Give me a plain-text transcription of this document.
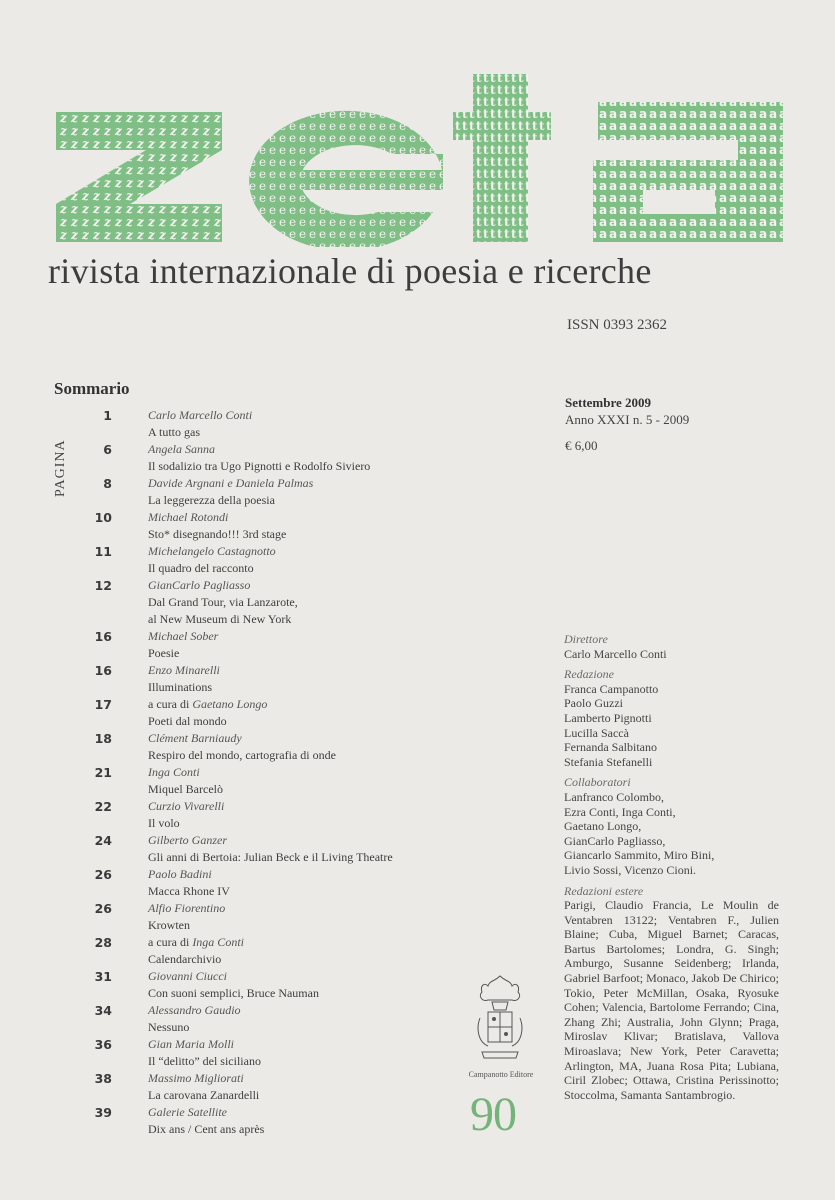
rivista internazionale di poesia e ricerche
ISSN 0393 2362
Sommario
PAGINA
1	Carlo Marcello Conti
A tutto gas
6	Angela Sanna
Il sodalizio tra Ugo Pignotti e Rodolfo Siviero
8	Davide Argnani e Daniela Palmas
La leggerezza della poesia
10	Michael Rotondi
Sto* disegnando!!! 3rd stage
11	Michelangelo Castagnotto
Il quadro del racconto
12	GianCarlo Pagliasso
Dal Grand Tour, via Lanzarote,
al New Museum di New York
16	Michael Sober
Poesie
16	Enzo Minarelli
Illuminations
17	a cura di Gaetano Longo
Poeti dal mondo
18	Clément Barniaudy
Respiro del mondo, cartografia di onde
21	Inga Conti
Miquel Barcelò
22	Curzio Vivarelli
Il volo
24	Gilberto Ganzer
Gli anni di Bertoia: Julian Beck e il Living Theatre
26	Paolo Badini
Macca Rhone IV
26	Alfio Fiorentino
Krowten
28	a cura di Inga Conti
Calendarchivio
31	Giovanni Ciucci
Con suoni semplici, Bruce Nauman
34	Alessandro Gaudio
Nessuno
36	Gian Maria Molli
Il “delitto” del siciliano
38	Massimo Migliorati
La carovana Zanardelli
39	Galerie Satellite
Dix ans / Cent ans après
Settembre 2009
Anno XXXI n. 5 - 2009
€ 6,00
Direttore
Carlo Marcello Conti
Redazione
Franca Campanotto
Paolo Guzzi
Lamberto Pignotti
Lucilla Saccà
Fernanda Salbitano
Stefania Stefanelli
Collaboratori
Lanfranco Colombo,
Ezra Conti, Inga Conti,
Gaetano Longo,
GianCarlo Pagliasso,
Giancarlo Sammito, Miro Bini,
Livio Sossi, Vicenzo Cioni.
Redazioni estere
Parigi, Claudio Francia, Le Moulin de Ventabren 13122; Ventabren F., Julien Blaine; Cuba, Miguel Barnet; Caracas, Bartus Bartolomes; Londra, G. Singh; Amburgo, Susanne Seidenberg; Irlanda, Gabriel Barfoot; Monaco, Jakob De Chirico; Tokio, Peter McMillan, Osaka, Ryosuke Cohen; Valencia, Bartolome Ferrando; Cina, Zhang Zhi; Australia, John Glynn; Praga, Miroslav Klivar; Bratislava, Vallova Miroaslava; New York, Peter Caravetta; Arlington, MA, Juana Rosa Pita; Lubiana, Ciril Zlobec; Ottawa, Cristina Perissinotto; Stoccolma, Samanta Santambrogio.
Campanotto Editore
90
